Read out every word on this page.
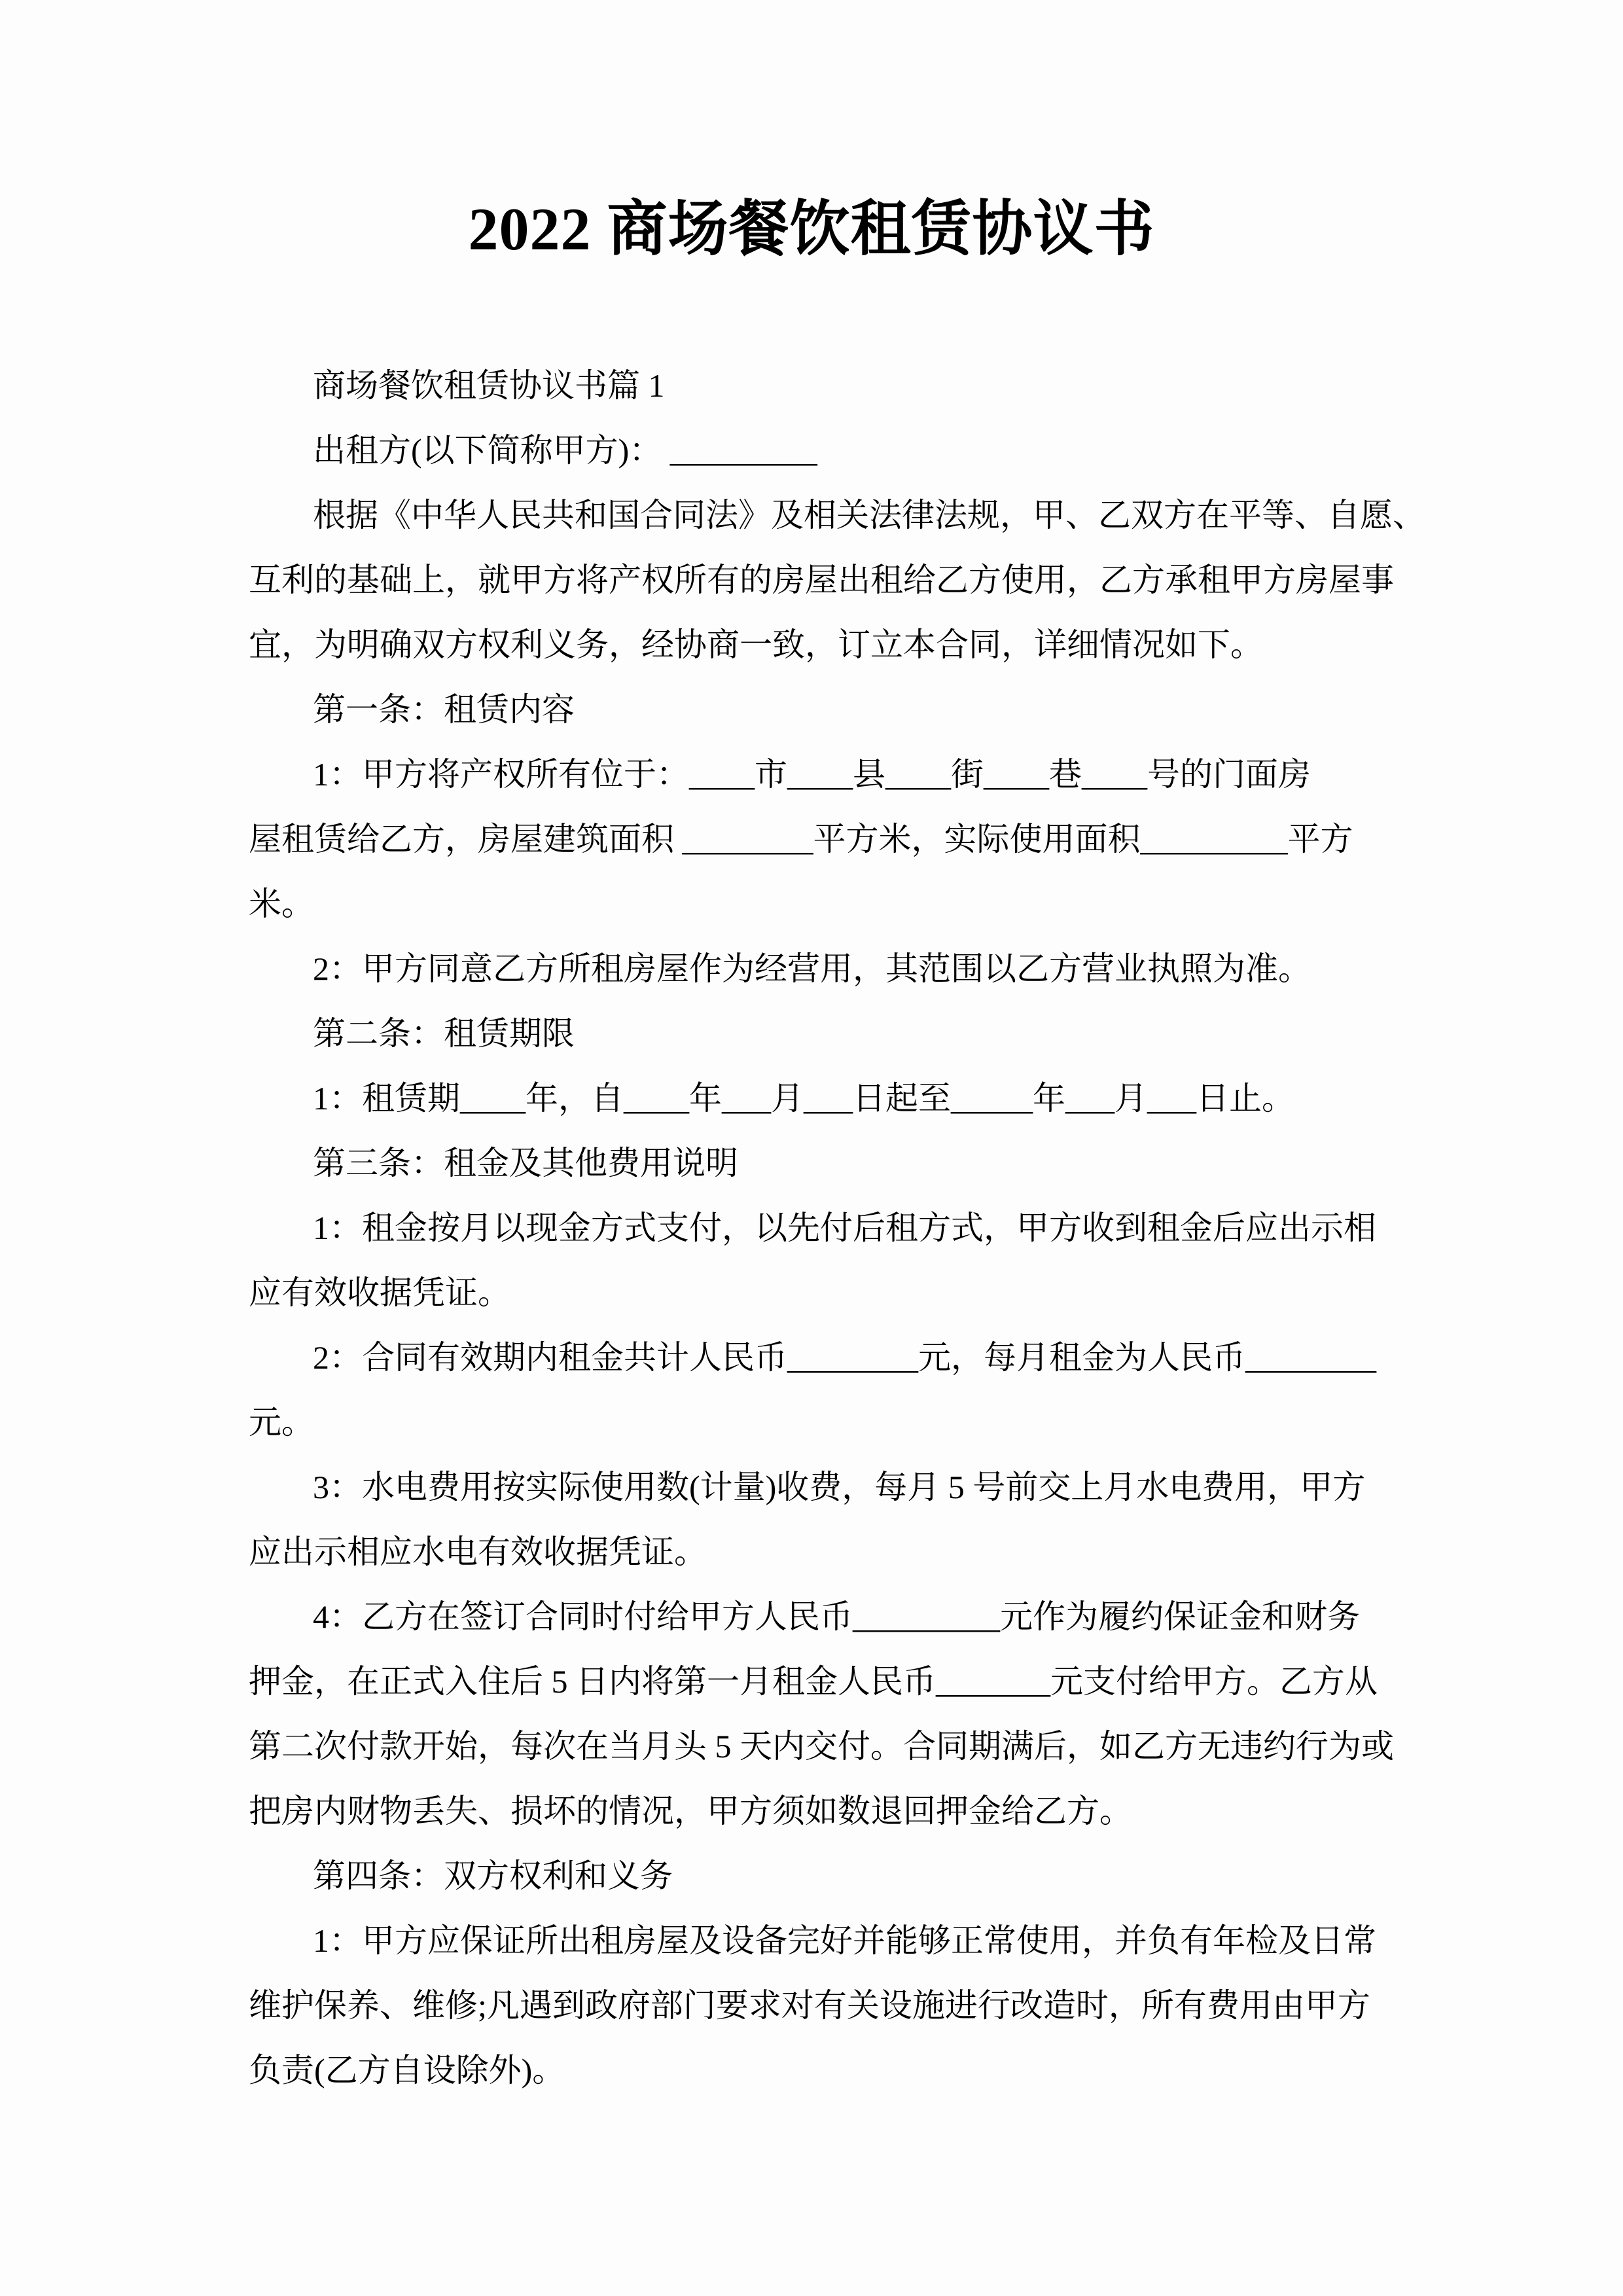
2022 商场餐饮租赁协议书

商场餐饮租赁协议书篇 1

出租方(以下简称甲方)： _________

根据《中华人民共和国合同法》及相关法律法规，甲、乙双方在平等、自愿、

互利的基础上，就甲方将产权所有的房屋出租给乙方使用，乙方承租甲方房屋事

宜，为明确双方权利义务，经协商一致，订立本合同，详细情况如下。

第一条：租赁内容

1：甲方将产权所有位于：____市____县____街____巷____号的门面房

屋租赁给乙方，房屋建筑面积 ________平方米，实际使用面积_________平方

米。

2：甲方同意乙方所租房屋作为经营用，其范围以乙方营业执照为准。

第二条：租赁期限

1：租赁期____年，自____年___月___日起至_____年___月___日止。

第三条：租金及其他费用说明

1：租金按月以现金方式支付，以先付后租方式，甲方收到租金后应出示相

应有效收据凭证。

2：合同有效期内租金共计人民币________元，每月租金为人民币________

元。

3：水电费用按实际使用数(计量)收费，每月 5 号前交上月水电费用，甲方

应出示相应水电有效收据凭证。

4：乙方在签订合同时付给甲方人民币_________元作为履约保证金和财务

押金，在正式入住后 5 日内将第一月租金人民币_______元支付给甲方。乙方从

第二次付款开始，每次在当月头 5 天内交付。合同期满后，如乙方无违约行为或

把房内财物丢失、损坏的情况，甲方须如数退回押金给乙方。

第四条：双方权利和义务

1：甲方应保证所出租房屋及设备完好并能够正常使用，并负有年检及日常

维护保养、维修;凡遇到政府部门要求对有关设施进行改造时，所有费用由甲方

负责(乙方自设除外)。
